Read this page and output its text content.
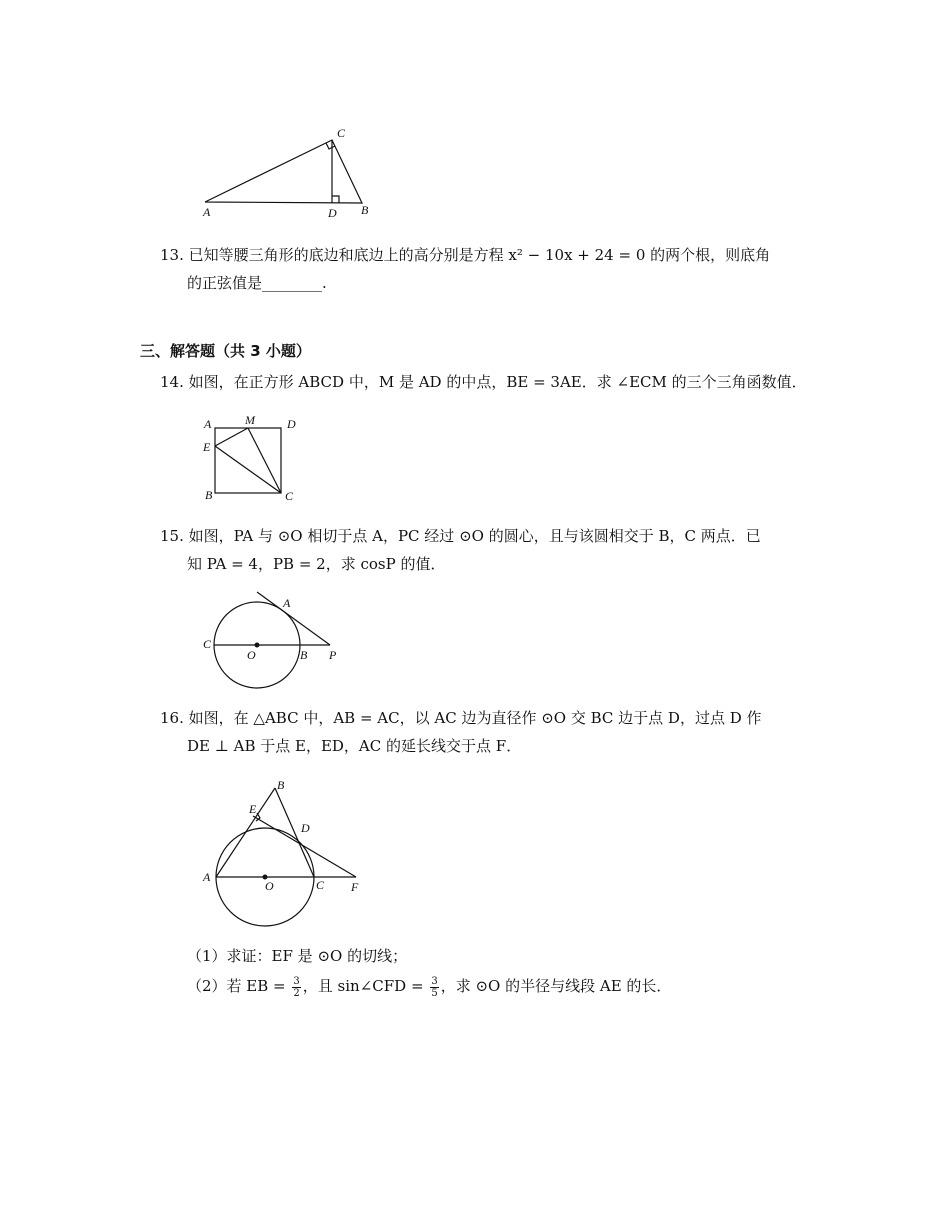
C
A	D B

13. 已知等腰三角形的底边和底边上的高分别是方程 x² − 10x + 24 = 0 的两个根，则底角

的正弦值是________.

三、解答题（共 3 小题）

14. 如图，在正方形 ABCD 中，M 是 AD 的中点，BE = 3AE．求 ∠ECM 的三个三角函数值．

A	M	D
E
B	C

15. 如图，PA 与 ⊙O 相切于点 A，PC 经过 ⊙O 的圆心，且与该圆相交于 B，C 两点．已

知 PA = 4，PB = 2，求 cosP 的值．

A
C
O	B P

16. 如图，在 △ABC 中，AB = AC，以 AC 边为直径作 ⊙O 交 BC 边于点 D，过点 D 作

DE ⊥ AB 于点 E，ED，AC 的延长线交于点 F．

B
E
D
A
O	C F
（1）求证：EF 是 ⊙O 的切线；
（2）若 EB = $\frac{3}{2}$ ，且 sin∠CFD = $\frac{3}{5}$ ，求 ⊙O 的半径与线段 AE 的长．
